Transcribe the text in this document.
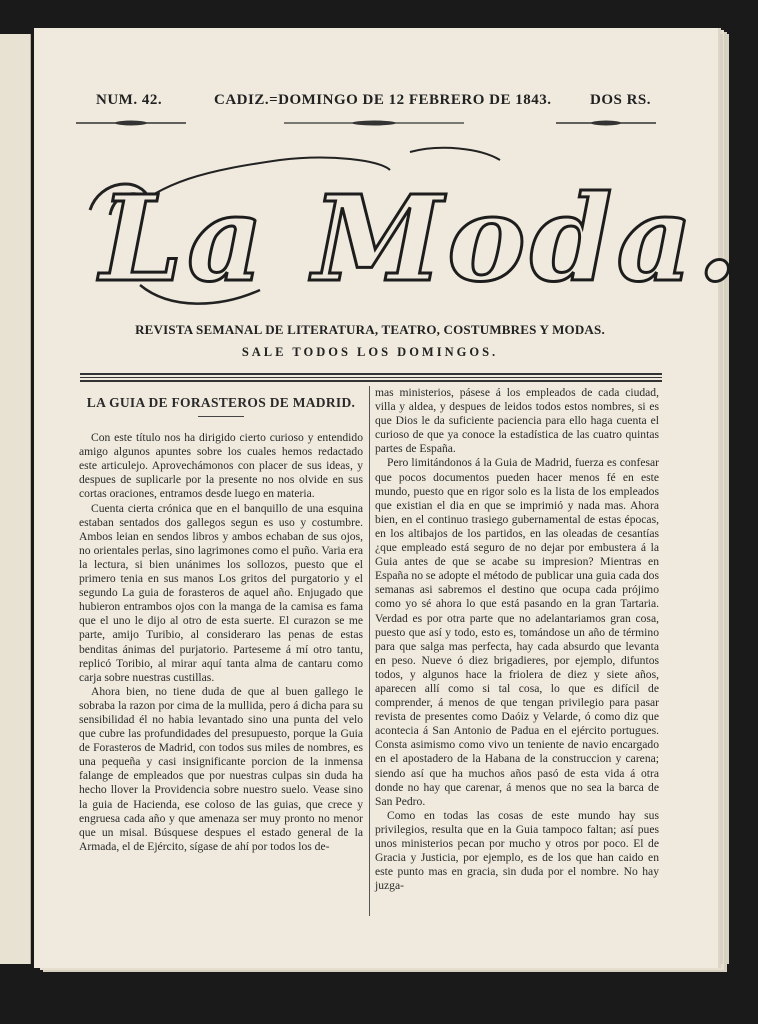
NUM. 42.	CADIZ.=DOMINGO DE 12 FEBRERO DE 1843.	DOS RS.
La Moda.
REVISTA SEMANAL DE LITERATURA, TEATRO, COSTUMBRES Y MODAS.
SALE TODOS LOS DOMINGOS.
LA GUIA DE FORASTEROS DE MADRID.

Con este título nos ha dirigido cierto curioso y entendido amigo algunos apuntes sobre los cuales hemos redactado este articulejo. Aprovechámonos con placer de sus ideas, y despues de suplicarle por la presente no nos olvide en sus cortas oraciones, entramos desde luego en materia.

Cuenta cierta crónica que en el banquillo de una esquina estaban sentados dos gallegos segun es uso y costumbre. Ambos leian en sendos libros y ambos echaban de sus ojos, no orientales perlas, sino lagrimones como el puño. Varia era la lectura, si bien unánimes los sollozos, puesto que el primero tenia en sus manos Los gritos del purgatorio y el segundo La guia de forasteros de aquel año. Enjugado que hubieron entrambos ojos con la manga de la camisa es fama que el uno le dijo al otro de esta suerte. El curazon se me parte, amijo Turibio, al consideraro las penas de estas benditas ánimas del purjatorio. Parteseme á mí otro tantu, replicó Toribio, al mirar aquí tanta alma de cantaru como carja sobre nuestras custillas.

Ahora bien, no tiene duda de que al buen gallego le sobraba la razon por cima de la mullida, pero á dicha para su sensibilidad él no habia levantado sino una punta del velo que cubre las profundidades del presupuesto, porque la Guia de Forasteros de Madrid, con todos sus miles de nombres, es una pequeña y casi insignificante porcion de la inmensa falange de empleados que por nuestras culpas sin duda ha hecho llover la Providencia sobre nuestro suelo. Vease sino la guia de Hacienda, ese coloso de las guias, que crece y engruesa cada año y que amenaza ser muy pronto no menor que un misal. Búsquese despues el estado general de la Armada, el de Ejército, sígase de ahí por todos los de-

mas ministerios, pásese á los empleados de cada ciudad, villa y aldea, y despues de leidos todos estos nombres, si es que Dios le da suficiente paciencia para ello haga cuenta el curioso de que ya conoce la estadística de las cuatro quintas partes de España.

Pero limitándonos á la Guia de Madrid, fuerza es confesar que pocos documentos pueden hacer menos fé en este mundo, puesto que en rigor solo es la lista de los empleados que existian el dia en que se imprimió y nada mas. Ahora bien, en el continuo trasiego gubernamental de estas épocas, en los altibajos de los partidos, en las oleadas de cesantías ¿que empleado está seguro de no dejar por embustera á la Guia antes de que se acabe su impresion? Mientras en España no se adopte el método de publicar una guia cada dos semanas asi sabremos el destino que ocupa cada prójimo como yo sé ahora lo que está pasando en la gran Tartaria. Verdad es por otra parte que no adelantariamos gran cosa, puesto que así y todo, esto es, tomándose un año de término para que salga mas perfecta, hay cada absurdo que levanta en peso. Nueve ó diez brigadieres, por ejemplo, difuntos todos, y algunos hace la friolera de diez y siete años, aparecen allí como si tal cosa, lo que es difícil de comprender, á menos de que tengan privilegio para pasar revista de presentes como Daóiz y Velarde, ó como diz que acontecia á San Antonio de Padua en el ejército portugues. Consta asimismo como vivo un teniente de navio encargado en el apostadero de la Habana de la construccion y carena; siendo así que ha muchos años pasó de esta vida á otra donde no hay que carenar, á menos que no sea la barca de San Pedro.

Como en todas las cosas de este mundo hay sus privilegios, resulta que en la Guia tampoco faltan; así pues unos ministerios pecan por mucho y otros por poco. El de Gracia y Justicia, por ejemplo, es de los que han caido en este punto mas en gracia, sin duda por el nombre. No hay juzga-
